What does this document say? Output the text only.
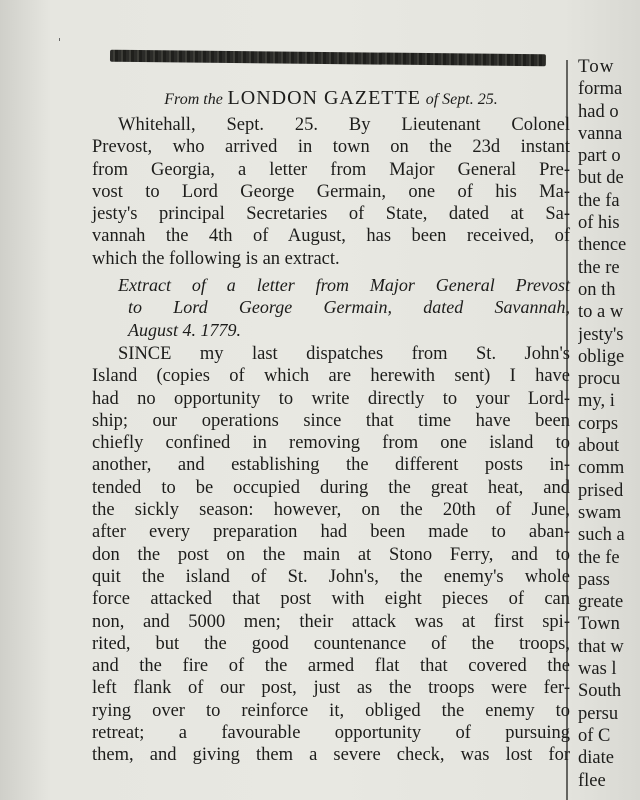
'
From the LONDON GAZETTE of Sept. 25.
Whitehall, Sept. 25. By Lieutenant Colonel
Prevost, who arrived in town on the 23d instant
from Georgia, a letter from Major General Pre-
vost to Lord George Germain, one of his Ma-
jesty's principal Secretaries of State, dated at Sa-
vannah the 4th of August, has been received, of
which the following is an extract.
Extract of a letter from Major General Prevost
to Lord George Germain, dated Savannah,
August 4. 1779.
SINCE my last dispatches from St. John's
Island (copies of which are herewith sent) I have
had no opportunity to write directly to your Lord-
ship; our operations since that time have been
chiefly confined in removing from one island to
another, and establishing the different posts in-
tended to be occupied during the great heat, and
the sickly season: however, on the 20th of June,
after every preparation had been made to aban-
don the post on the main at Stono Ferry, and to
quit the island of St. John's, the enemy's whole
force attacked that post with eight pieces of can
non, and 5000 men; their attack was at first spi-
rited, but the good countenance of the troops,
and the fire of the armed flat that covered the
left flank of our post, just as the troops were fer-
rying over to reinforce it, obliged the enemy to
retreat; a favourable opportunity of pursuing
them, and giving them a severe check, was lost for
Tow
forma
had o
vanna
part o
but de
the fa
of his
thence
the re
on th
to a w
jesty's
oblige
procu
my, i
corps
about
comm
prised
swam
such a
the fe
pass
greate
Town
that w
was l
South
persu
of C
diate
flee
